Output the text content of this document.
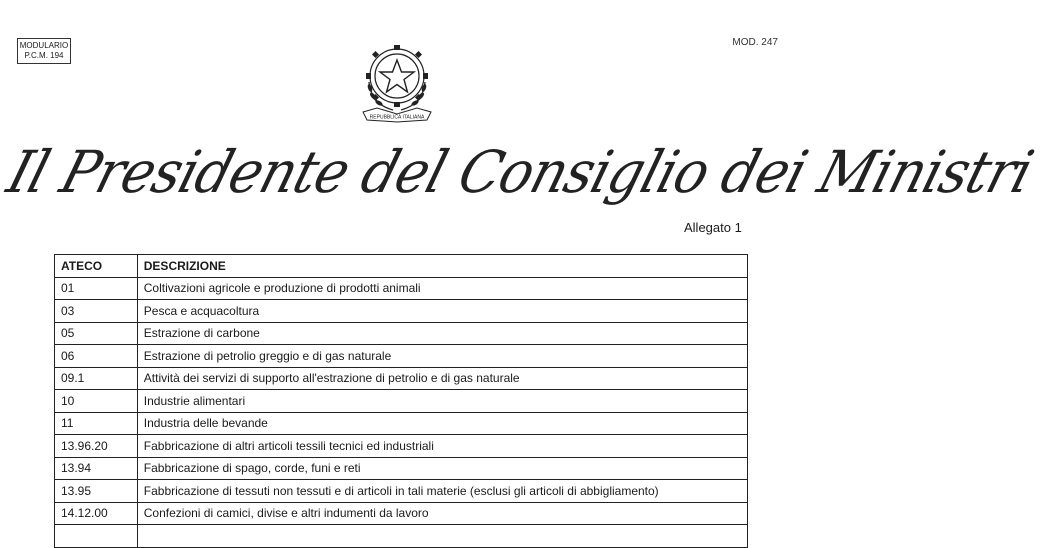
MODULARIO
P.C.M. 194
MOD. 247
REPUBBLICA ITALIANA
Il Presidente del Consiglio dei Ministri
Allegato 1
ATECO	DESCRIZIONE
01	Coltivazioni agricole e produzione di prodotti animali
03	Pesca e acquacoltura
05	Estrazione di carbone
06	Estrazione di petrolio greggio e di gas naturale
09.1	Attività dei servizi di supporto all'estrazione di petrolio e di gas naturale
10	Industrie alimentari
11	Industria delle bevande
13.96.20	Fabbricazione di altri articoli tessili tecnici ed industriali
13.94	Fabbricazione di spago, corde, funi e reti
13.95	Fabbricazione di tessuti non tessuti e di articoli in tali materie (esclusi gli articoli di abbigliamento)
14.12.00	Confezioni di camici, divise e altri indumenti da lavoro
